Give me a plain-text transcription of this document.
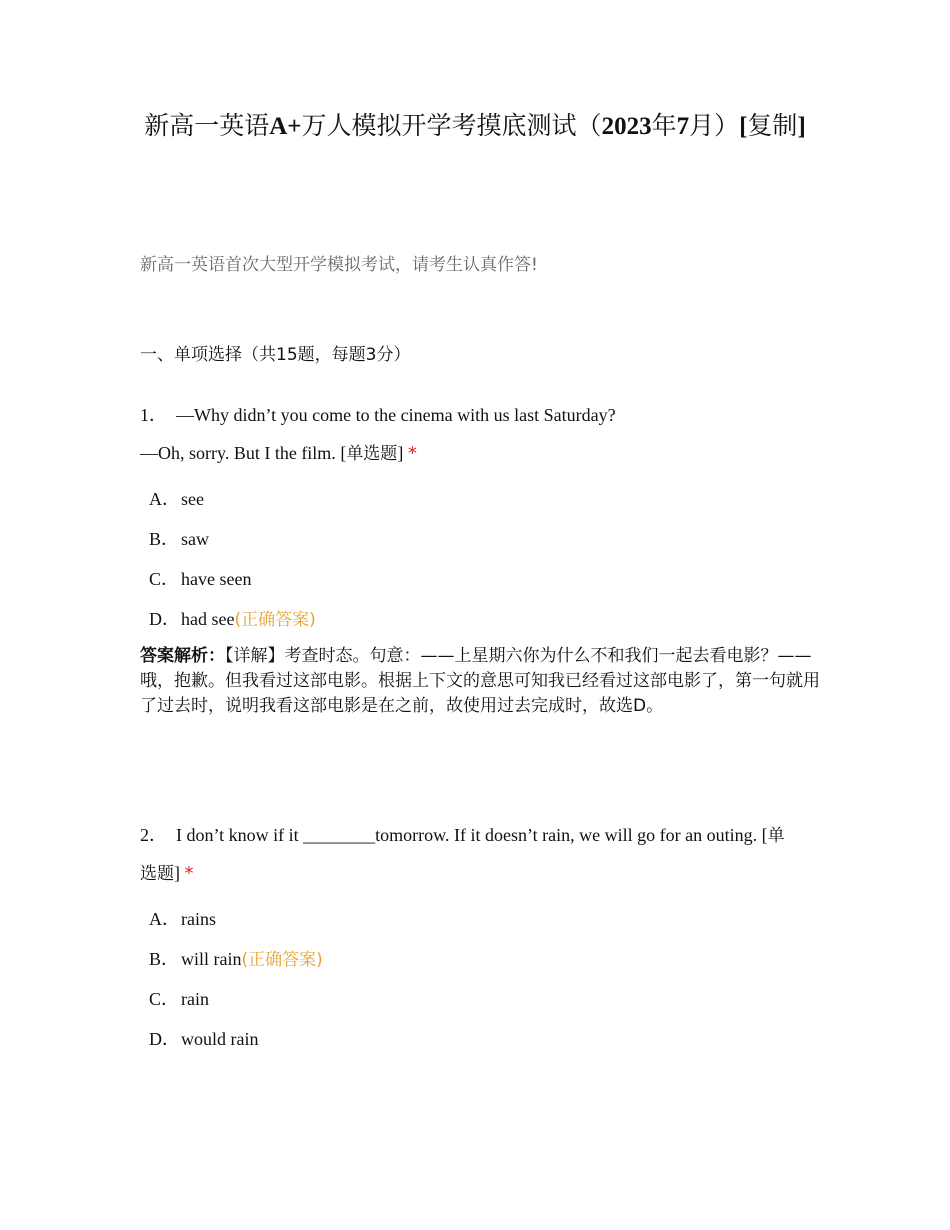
新高一英语A+万人模拟开学考摸底测试（2023年7月）[复制]
新高一英语首次大型开学模拟考试，请考生认真作答!
一、单项选择（共15题，每题3分）
1． —Why didn’t you come to the cinema with us last Saturday?
—Oh, sorry. But I the film. [单选题] *
A．see
B． saw
C． have seen
D．had see(正确答案)
答案解析：【详解】考查时态。句意：——上星期六你为什么不和我们一起去看电影？——哦，抱歉。但我看过这部电影。根据上下文的意思可知我已经看过这部电影了，第一句就用了过去时，说明我看这部电影是在之前，故使用过去完成时，故选D。
2． I don’t know if it ________tomorrow. If it doesn’t rain, we will go for an outing. [单
选题] *
A．rains
B． will rain(正确答案)
C． rain
D．would rain
